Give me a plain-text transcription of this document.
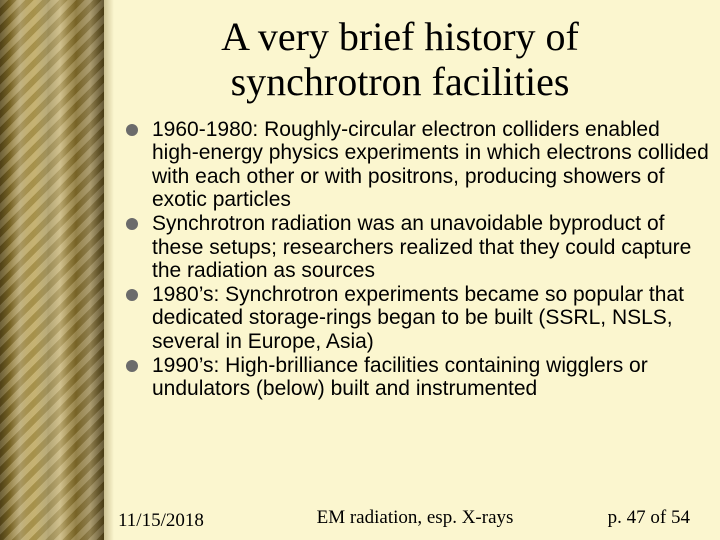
A very brief history of
synchrotron facilities
1960-1980: Roughly-circular electron colliders enabled high-energy physics experiments in which electrons collided with each other or with positrons, producing showers of exotic particles
Synchrotron radiation was an unavoidable byproduct of these setups; researchers realized that they could capture the radiation as sources
1980’s: Synchrotron experiments became so popular that dedicated storage-rings began to be built (SSRL, NSLS, several in Europe, Asia)
1990’s: High-brilliance facilities containing wigglers or undulators (below) built and instrumented
11/15/2018	EM radiation, esp. X-rays	p. 47 of 54
